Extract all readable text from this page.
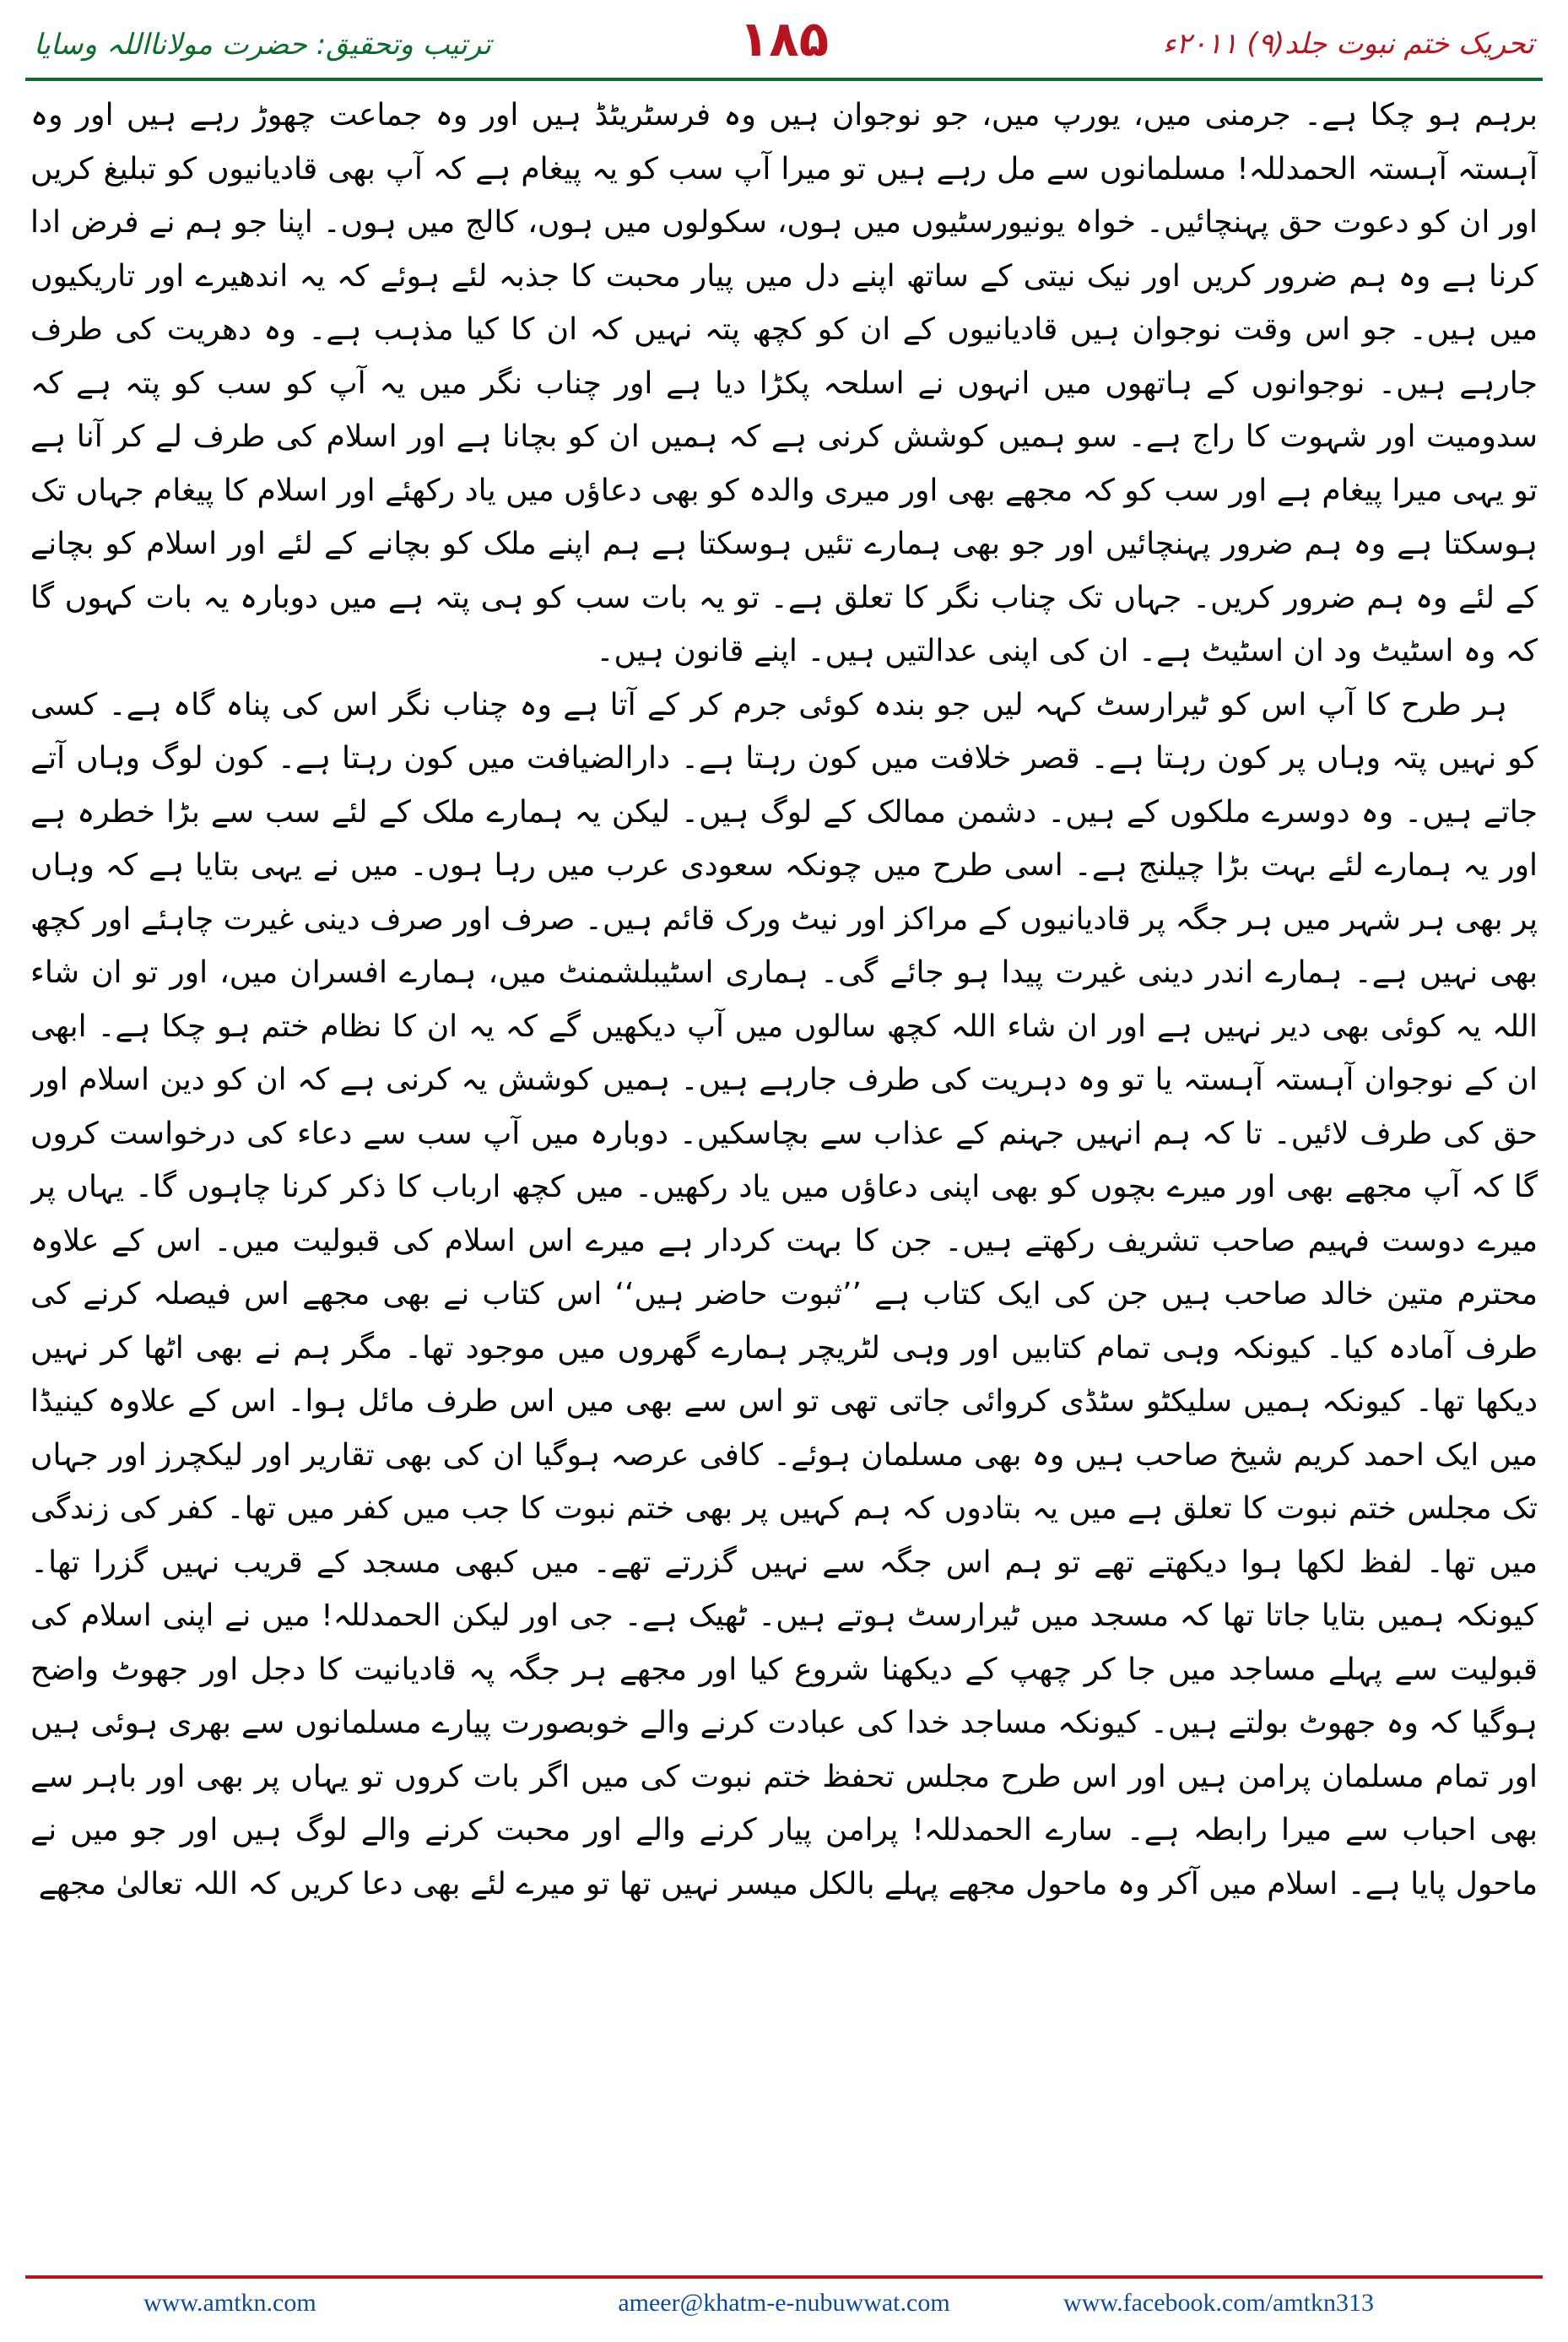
ترتیب وتحقیق: حضرت مولانااللہ وسایا	۱۸۵	تحریک ختم نبوت جلد(۹) ۲۰۱۱ء

برہم ہو چکا ہے۔ جرمنی میں، یورپ میں، جو نوجوان ہیں وہ فرسٹریٹڈ ہیں اور وہ جماعت چھوڑ رہے ہیں اور وہ آہستہ آہستہ الحمدللہ! مسلمانوں سے مل رہے ہیں تو میرا آپ سب کو یہ پیغام ہے کہ آپ بھی قادیانیوں کو تبلیغ کریں اور ان کو دعوت حق پہنچائیں۔ خواہ یونیورسٹیوں میں ہوں، سکولوں میں ہوں، کالج میں ہوں۔ اپنا جو ہم نے فرض ادا کرنا ہے وہ ہم ضرور کریں اور نیک نیتی کے ساتھ اپنے دل میں پیار محبت کا جذبہ لئے ہوئے کہ یہ اندھیرے اور تاریکیوں میں ہیں۔ جو اس وقت نوجوان ہیں قادیانیوں کے ان کو کچھ پتہ نہیں کہ ان کا کیا مذہب ہے۔ وہ دھریت کی طرف جارہے ہیں۔ نوجوانوں کے ہاتھوں میں انہوں نے اسلحہ پکڑا دیا ہے اور چناب نگر میں یہ آپ کو سب کو پتہ ہے کہ سدومیت اور شہوت کا راج ہے۔ سو ہمیں کوشش کرنی ہے کہ ہمیں ان کو بچانا ہے اور اسلام کی طرف لے کر آنا ہے تو یہی میرا پیغام ہے اور سب کو کہ مجھے بھی اور میری والدہ کو بھی دعاؤں میں یاد رکھئے اور اسلام کا پیغام جہاں تک ہوسکتا ہے وہ ہم ضرور پہنچائیں اور جو بھی ہمارے تئیں ہوسکتا ہے ہم اپنے ملک کو بچانے کے لئے اور اسلام کو بچانے کے لئے وہ ہم ضرور کریں۔ جہاں تک چناب نگر کا تعلق ہے۔ تو یہ بات سب کو ہی پتہ ہے میں دوبارہ یہ بات کہوں گا کہ وہ اسٹیٹ ود ان اسٹیٹ ہے۔ ان کی اپنی عدالتیں ہیں۔ اپنے قانون ہیں۔

ہر طرح کا آپ اس کو ٹیرارسٹ کہہ لیں جو بندہ کوئی جرم کر کے آتا ہے وہ چناب نگر اس کی پناہ گاہ ہے۔ کسی کو نہیں پتہ وہاں پر کون رہتا ہے۔ قصر خلافت میں کون رہتا ہے۔ دارالضیافت میں کون رہتا ہے۔ کون لوگ وہاں آتے جاتے ہیں۔ وہ دوسرے ملکوں کے ہیں۔ دشمن ممالک کے لوگ ہیں۔ لیکن یہ ہمارے ملک کے لئے سب سے بڑا خطرہ ہے اور یہ ہمارے لئے بہت بڑا چیلنج ہے۔ اسی طرح میں چونکہ سعودی عرب میں رہا ہوں۔ میں نے یہی بتایا ہے کہ وہاں پر بھی ہر شہر میں ہر جگہ پر قادیانیوں کے مراکز اور نیٹ ورک قائم ہیں۔ صرف اور صرف دینی غیرت چاہئے اور کچھ بھی نہیں ہے۔ ہمارے اندر دینی غیرت پیدا ہو جائے گی۔ ہماری اسٹیبلشمنٹ میں، ہمارے افسران میں، اور تو ان شاء اللہ یہ کوئی بھی دیر نہیں ہے اور ان شاء اللہ کچھ سالوں میں آپ دیکھیں گے کہ یہ ان کا نظام ختم ہو چکا ہے۔ ابھی ان کے نوجوان آہستہ آہستہ یا تو وہ دہریت کی طرف جارہے ہیں۔ ہمیں کوشش یہ کرنی ہے کہ ان کو دین اسلام اور حق کی طرف لائیں۔ تا کہ ہم انہیں جہنم کے عذاب سے بچاسکیں۔ دوبارہ میں آپ سب سے دعاء کی درخواست کروں گا کہ آپ مجھے بھی اور میرے بچوں کو بھی اپنی دعاؤں میں یاد رکھیں۔ میں کچھ ارباب کا ذکر کرنا چاہوں گا۔ یہاں پر میرے دوست فہیم صاحب تشریف رکھتے ہیں۔ جن کا بہت کردار ہے میرے اس اسلام کی قبولیت میں۔ اس کے علاوہ محترم متین خالد صاحب ہیں جن کی ایک کتاب ہے ’’ثبوت حاضر ہیں‘‘ اس کتاب نے بھی مجھے اس فیصلہ کرنے کی طرف آمادہ کیا۔ کیونکہ وہی تمام کتابیں اور وہی لٹریچر ہمارے گھروں میں موجود تھا۔ مگر ہم نے بھی اٹھا کر نہیں دیکھا تھا۔ کیونکہ ہمیں سلیکٹو سٹڈی کروائی جاتی تھی تو اس سے بھی میں اس طرف مائل ہوا۔ اس کے علاوہ کینیڈا میں ایک احمد کریم شیخ صاحب ہیں وہ بھی مسلمان ہوئے۔ کافی عرصہ ہوگیا ان کی بھی تقاریر اور لیکچرز اور جہاں تک مجلس ختم نبوت کا تعلق ہے میں یہ بتادوں کہ ہم کہیں پر بھی ختم نبوت کا جب میں کفر میں تھا۔ کفر کی زندگی میں تھا۔ لفظ لکھا ہوا دیکھتے تھے تو ہم اس جگہ سے نہیں گزرتے تھے۔ میں کبھی مسجد کے قریب نہیں گزرا تھا۔ کیونکہ ہمیں بتایا جاتا تھا کہ مسجد میں ٹیرارسٹ ہوتے ہیں۔ ٹھیک ہے۔ جی اور لیکن الحمدللہ! میں نے اپنی اسلام کی قبولیت سے پہلے مساجد میں جا کر چھپ کے دیکھنا شروع کیا اور مجھے ہر جگہ پہ قادیانیت کا دجل اور جھوٹ واضح ہوگیا کہ وہ جھوٹ بولتے ہیں۔ کیونکہ مساجد خدا کی عبادت کرنے والے خوبصورت پیارے مسلمانوں سے بھری ہوئی ہیں اور تمام مسلمان پرامن ہیں اور اس طرح مجلس تحفظ ختم نبوت کی میں اگر بات کروں تو یہاں پر بھی اور باہر سے بھی احباب سے میرا رابطہ ہے۔ سارے الحمدللہ! پرامن پیار کرنے والے اور محبت کرنے والے لوگ ہیں اور جو میں نے ماحول پایا ہے۔ اسلام میں آکر وہ ماحول مجھے پہلے بالکل میسر نہیں تھا تو میرے لئے بھی دعا کریں کہ اللہ تعالیٰ مجھے

www.amtkn.com	ameer@khatm-e-nubuwwat.com	www.facebook.com/amtkn313
